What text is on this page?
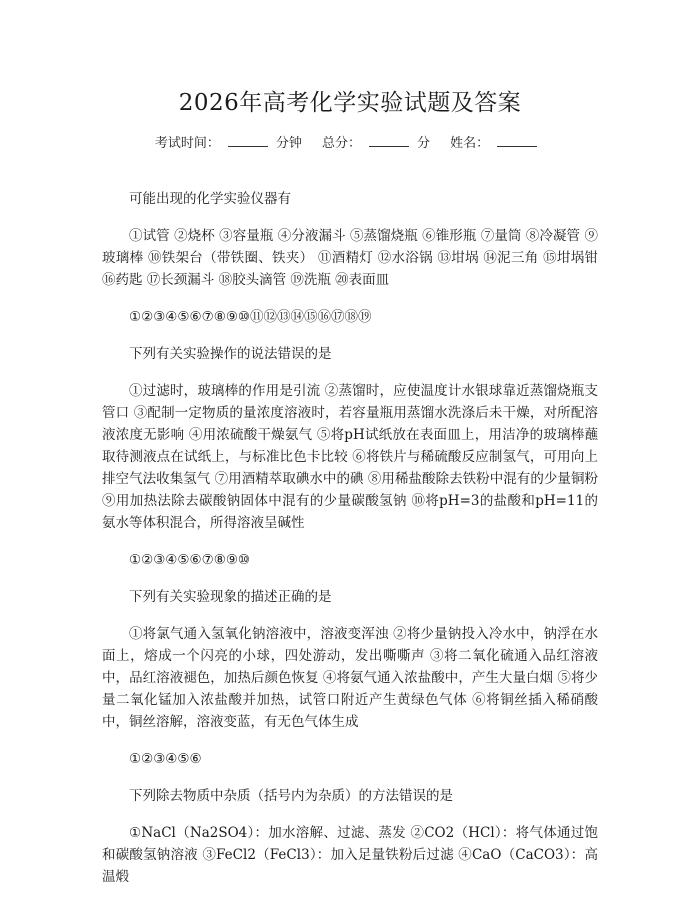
2026年高考化学实验试题及答案
考试时间：	分钟 总分：	分 姓名：

可能出现的化学实验仪器有

①试管 ②烧杯 ③容量瓶 ④分液漏斗 ⑤蒸馏烧瓶 ⑥锥形瓶 ⑦量筒 ⑧冷凝管 ⑨玻璃棒 ⑩铁架台（带铁圈、铁夹） ⑪酒精灯 ⑫水浴锅 ⑬坩埚 ⑭泥三角 ⑮坩埚钳 ⑯药匙 ⑰长颈漏斗 ⑱胶头滴管 ⑲洗瓶 ⑳表面皿

①②③④⑤⑥⑦⑧⑨⑩⑪⑫⑬⑭⑮⑯⑰⑱⑲

下列有关实验操作的说法错误的是

①过滤时，玻璃棒的作用是引流 ②蒸馏时，应使温度计水银球靠近蒸馏烧瓶支管口 ③配制一定物质的量浓度溶液时，若容量瓶用蒸馏水洗涤后未干燥，对所配溶液浓度无影响 ④用浓硫酸干燥氨气 ⑤将pH试纸放在表面皿上，用洁净的玻璃棒蘸取待测液点在试纸上，与标准比色卡比较 ⑥将铁片与稀硫酸反应制氢气，可用向上排空气法收集氢气 ⑦用酒精萃取碘水中的碘 ⑧用稀盐酸除去铁粉中混有的少量铜粉 ⑨用加热法除去碳酸钠固体中混有的少量碳酸氢钠 ⑩将pH=3的盐酸和pH=11的氨水等体积混合，所得溶液呈碱性

①②③④⑤⑥⑦⑧⑨⑩

下列有关实验现象的描述正确的是

①将氯气通入氢氧化钠溶液中，溶液变浑浊 ②将少量钠投入冷水中，钠浮在水面上，熔成一个闪亮的小球，四处游动，发出嘶嘶声 ③将二氧化硫通入品红溶液中，品红溶液褪色，加热后颜色恢复 ④将氨气通入浓盐酸中，产生大量白烟 ⑤将少量二氧化锰加入浓盐酸并加热，试管口附近产生黄绿色气体 ⑥将铜丝插入稀硝酸中，铜丝溶解，溶液变蓝，有无色气体生成

①②③④⑤⑥

下列除去物质中杂质（括号内为杂质）的方法错误的是

①NaCl（Na2SO4）：加水溶解、过滤、蒸发 ②CO2（HCl）：将气体通过饱和碳酸氢钠溶液 ③FeCl2（FeCl3）：加入足量铁粉后过滤 ④CaO（CaCO3）：高温煅
